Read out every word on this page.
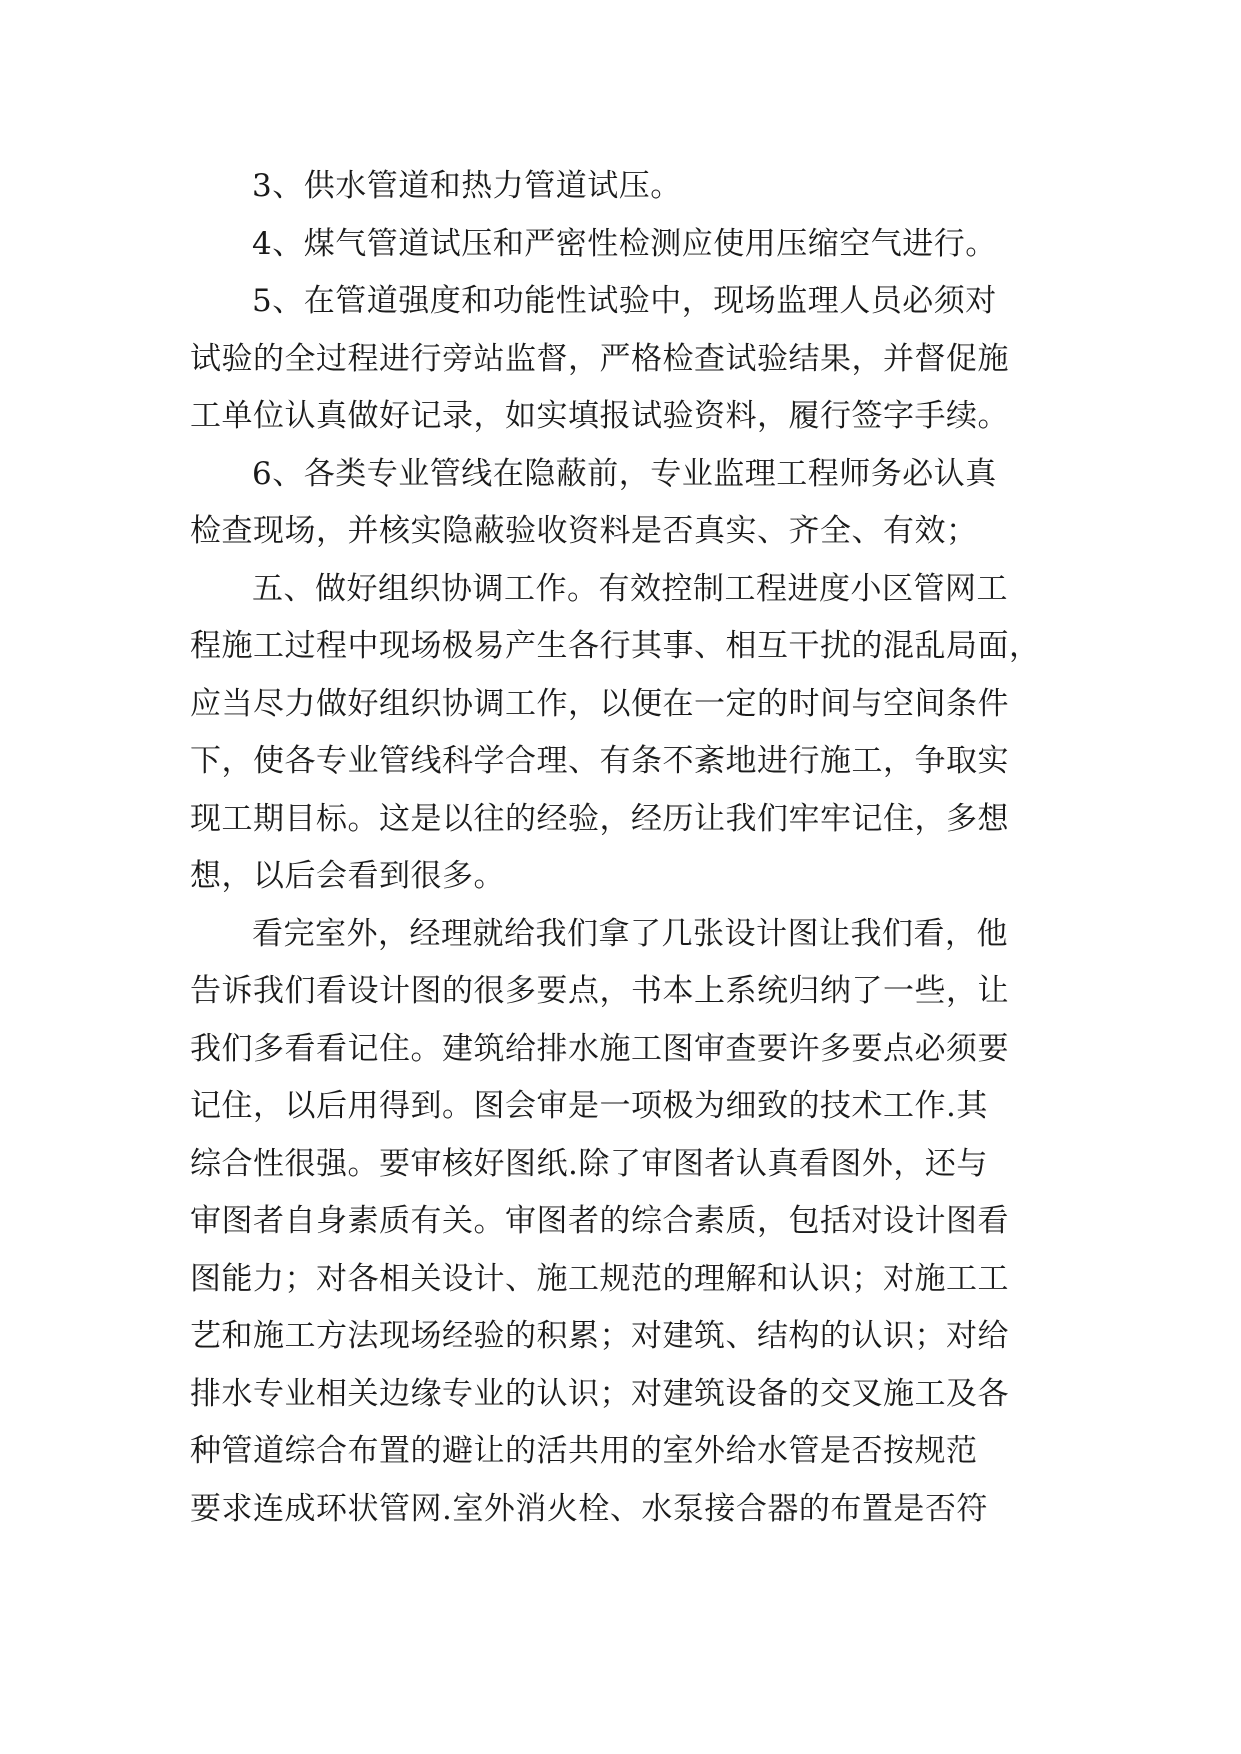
3、供水管道和热力管道试压。
4、煤气管道试压和严密性检测应使用压缩空气进行。
5、在管道强度和功能性试验中，现场监理人员必须对
试验的全过程进行旁站监督，严格检查试验结果，并督促施
工单位认真做好记录，如实填报试验资料，履行签字手续。
6、各类专业管线在隐蔽前，专业监理工程师务必认真
检查现场，并核实隐蔽验收资料是否真实、齐全、有效；
五、做好组织协调工作。有效控制工程进度小区管网工
程施工过程中现场极易产生各行其事、相互干扰的混乱局面，
应当尽力做好组织协调工作，以便在一定的时间与空间条件
下，使各专业管线科学合理、有条不紊地进行施工，争取实
现工期目标。这是以往的经验，经历让我们牢牢记住，多想
想，以后会看到很多。
看完室外，经理就给我们拿了几张设计图让我们看，他
告诉我们看设计图的很多要点，书本上系统归纳了一些，让
我们多看看记住。建筑给排水施工图审查要许多要点必须要
记住，以后用得到。图会审是一项极为细致的技术工作.其
综合性很强。要审核好图纸.除了审图者认真看图外，还与
审图者自身素质有关。审图者的综合素质，包括对设计图看
图能力；对各相关设计、施工规范的理解和认识；对施工工
艺和施工方法现场经验的积累；对建筑、结构的认识；对给
排水专业相关边缘专业的认识；对建筑设备的交叉施工及各
种管道综合布置的避让的活共用的室外给水管是否按规范
要求连成环状管网.室外消火栓、水泵接合器的布置是否符
